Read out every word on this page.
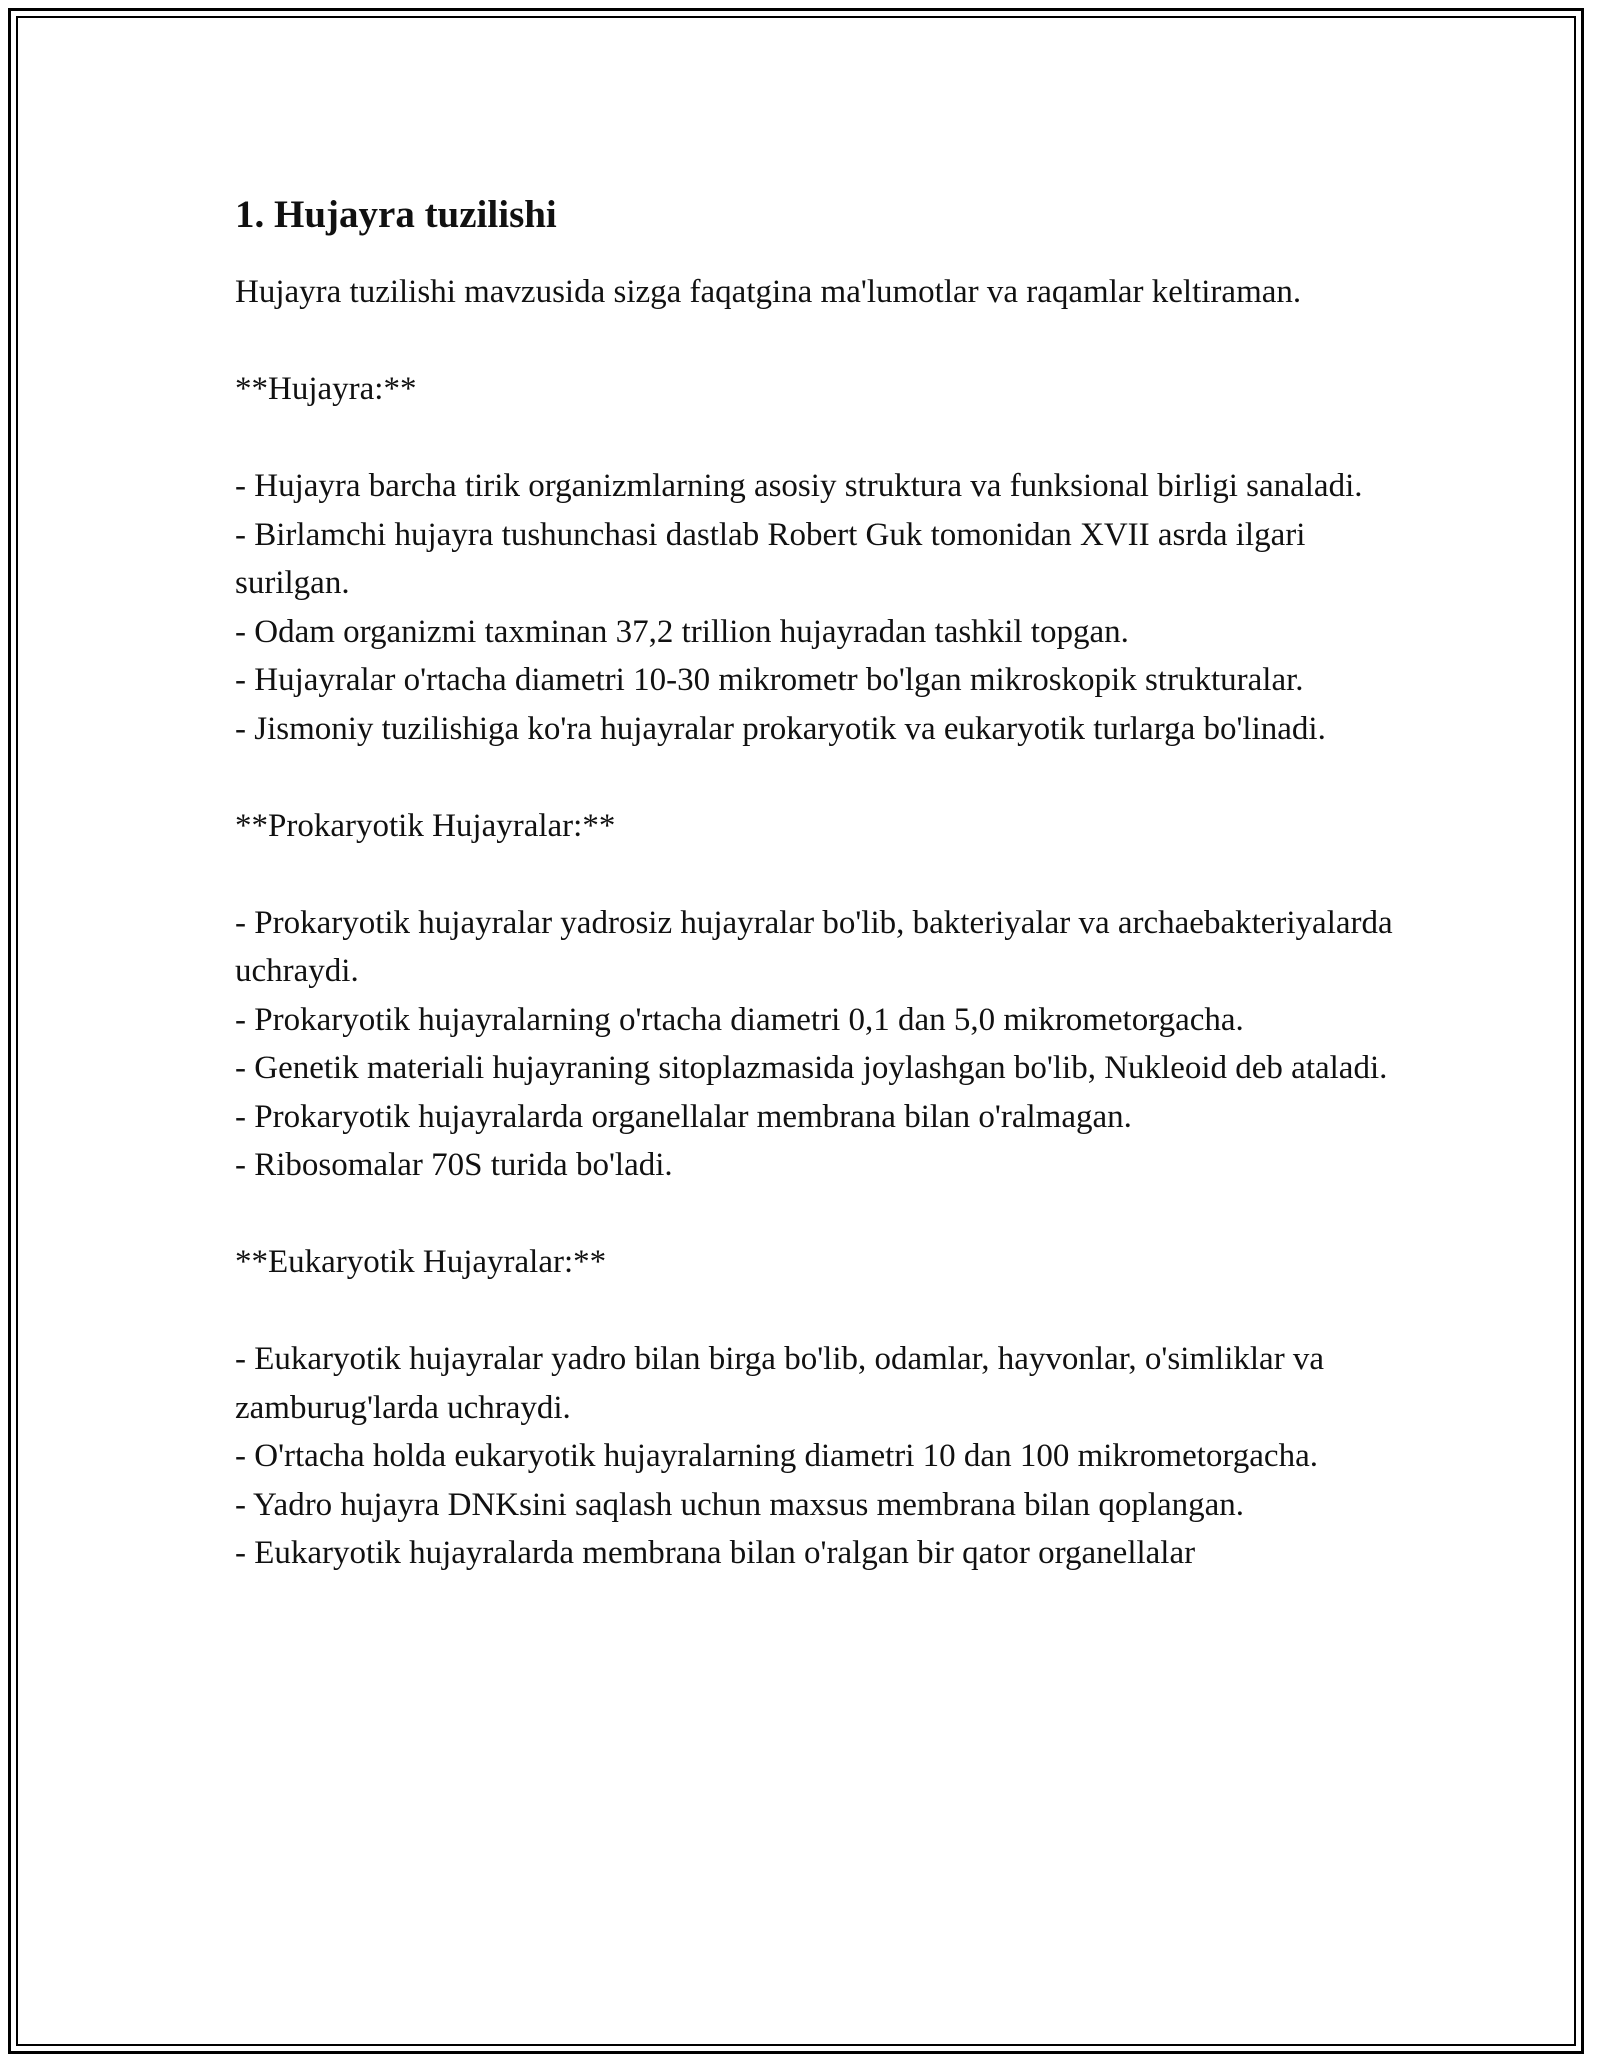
1. Hujayra tuzilishi

Hujayra tuzilishi mavzusida sizga faqatgina ma'lumotlar va raqamlar keltiraman.

**Hujayra:**

- Hujayra barcha tirik organizmlarning asosiy struktura va funksional birligi sanaladi.
- Birlamchi hujayra tushunchasi dastlab Robert Guk tomonidan XVII asrda ilgari surilgan.
- Odam organizmi taxminan 37,2 trillion hujayradan tashkil topgan.
- Hujayralar o'rtacha diametri 10-30 mikrometr bo'lgan mikroskopik strukturalar.
- Jismoniy tuzilishiga ko'ra hujayralar prokaryotik va eukaryotik turlarga bo'linadi.

**Prokaryotik Hujayralar:**

- Prokaryotik hujayralar yadrosiz hujayralar bo'lib, bakteriyalar va archaebakteriyalarda uchraydi.
- Prokaryotik hujayralarning o'rtacha diametri 0,1 dan 5,0 mikrometorgacha.
- Genetik materiali hujayraning sitoplazmasida joylashgan bo'lib, Nukleoid deb ataladi.
- Prokaryotik hujayralarda organellalar membrana bilan o'ralmagan.
- Ribosomalar 70S turida bo'ladi.

**Eukaryotik Hujayralar:**

- Eukaryotik hujayralar yadro bilan birga bo'lib, odamlar, hayvonlar, o'simliklar va zamburug'larda uchraydi.
- O'rtacha holda eukaryotik hujayralarning diametri 10 dan 100 mikrometorgacha.
- Yadro hujayra DNKsini saqlash uchun maxsus membrana bilan qoplangan.
- Eukaryotik hujayralarda membrana bilan o'ralgan bir qator organellalar
